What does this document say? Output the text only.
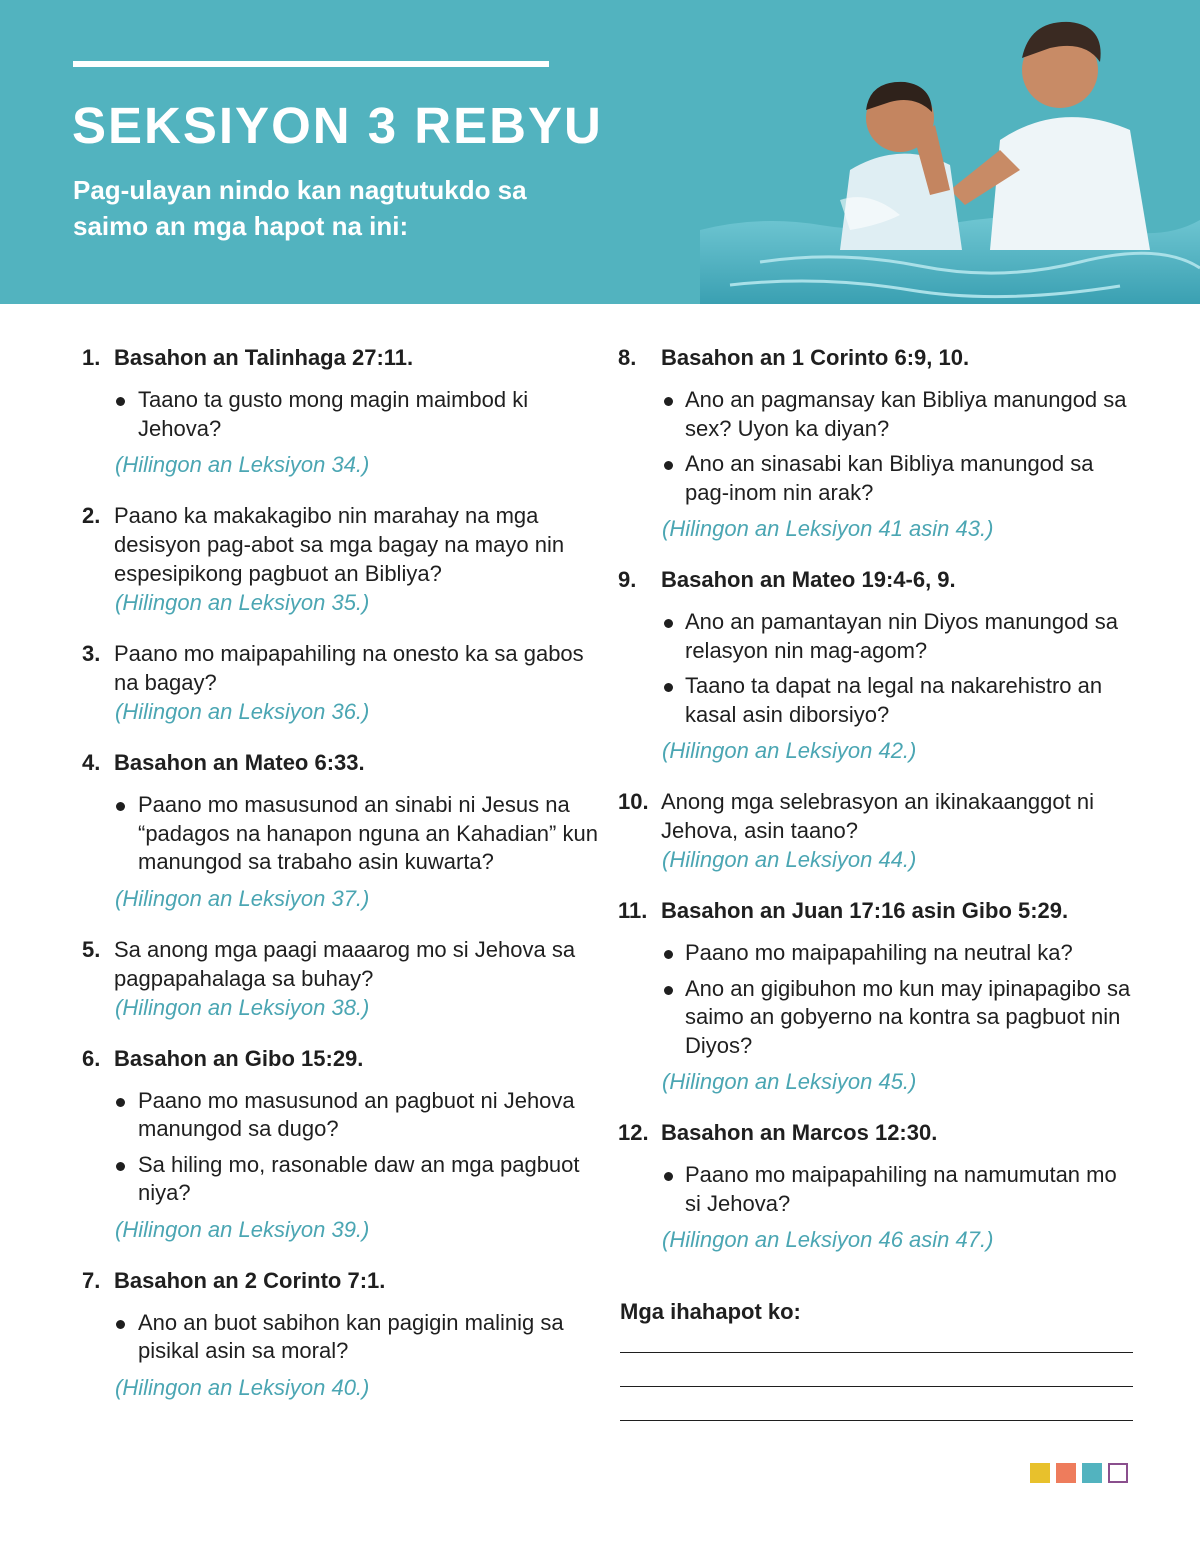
SEKSIYON 3 REBYU
Pag-ulayan nindo kan nagtutukdo sa saimo an mga hapot na ini:
1. Basahon an Talinhaga 27:11.
Taano ta gusto mong magin maimbod ki Jehova?
(Hilingon an Leksiyon 34.)
2. Paano ka makakagibo nin marahay na mga desisyon pag-abot sa mga bagay na mayo nin espesipikong pagbuot an Bibliya?
(Hilingon an Leksiyon 35.)
3. Paano mo maipapahiling na onesto ka sa gabos na bagay?
(Hilingon an Leksiyon 36.)
4. Basahon an Mateo 6:33.
Paano mo masusunod an sinabi ni Jesus na “padagos na hanapon nguna an Kahadian” kun manungod sa trabaho asin kuwarta?
(Hilingon an Leksiyon 37.)
5. Sa anong mga paagi maaarog mo si Jehova sa pagpapahalaga sa buhay?
(Hilingon an Leksiyon 38.)
6. Basahon an Gibo 15:29.
Paano mo masusunod an pagbuot ni Jehova manungod sa dugo?
Sa hiling mo, rasonable daw an mga pagbuot niya?
(Hilingon an Leksiyon 39.)
7. Basahon an 2 Corinto 7:1.
Ano an buot sabihon kan pagigin malinig sa pisikal asin sa moral?
(Hilingon an Leksiyon 40.)
8.	Basahon an 1 Corinto 6:9, 10.
Ano an pagmansay kan Bibliya manungod sa sex? Uyon ka diyan?
Ano an sinasabi kan Bibliya manungod sa pag-inom nin arak?
(Hilingon an Leksiyon 41 asin 43.)
9.	Basahon an Mateo 19:4-6, 9.
Ano an pamantayan nin Diyos manungod sa relasyon nin mag-agom?
Taano ta dapat na legal na nakarehistro an kasal asin diborsiyo?
(Hilingon an Leksiyon 42.)
10. Anong mga selebrasyon an ikinakaanggot ni Jehova, asin taano?
(Hilingon an Leksiyon 44.)
11. Basahon an Juan 17:16 asin Gibo 5:29.
Paano mo maipapahiling na neutral ka?
Ano an gigibuhon mo kun may ipinapagibo sa saimo an gobyerno na kontra sa pagbuot nin Diyos?
(Hilingon an Leksiyon 45.)
12. Basahon an Marcos 12:30.
Paano mo maipapahiling na namumutan mo si Jehova?
(Hilingon an Leksiyon 46 asin 47.)
Mga ihahapot ko:
